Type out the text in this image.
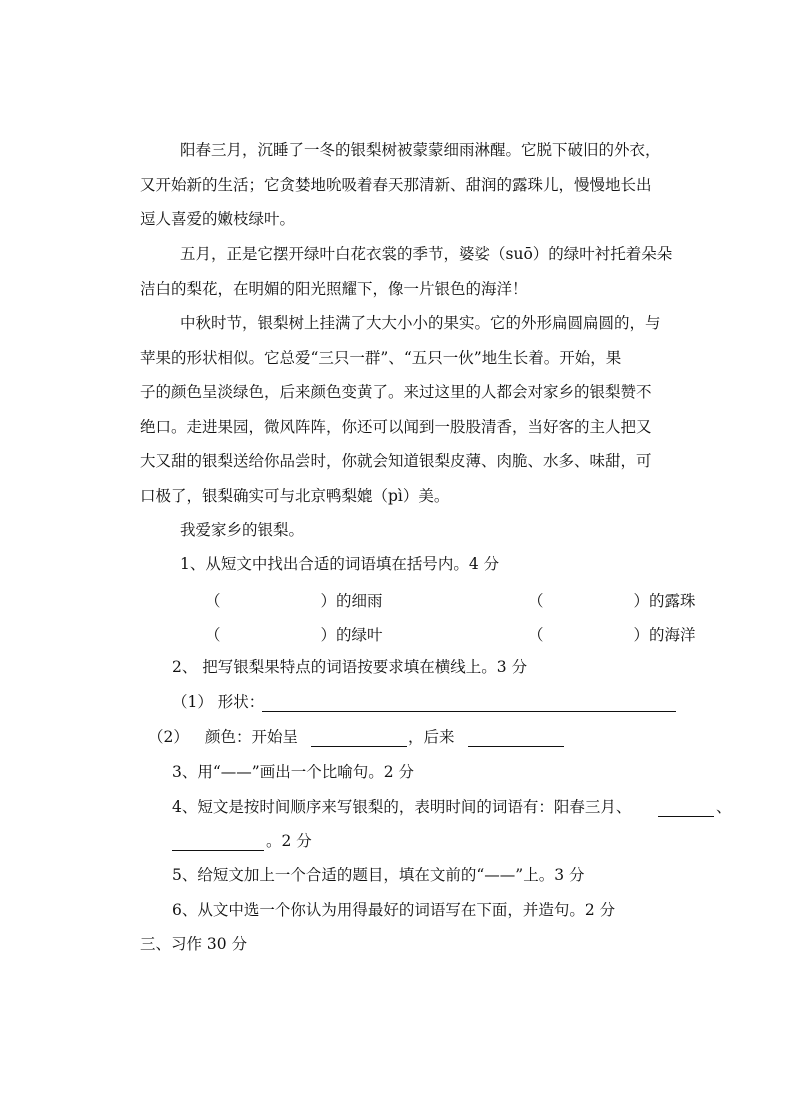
阳春三月，沉睡了一冬的银梨树被蒙蒙细雨淋醒。它脱下破旧的外衣，
又开始新的生活；它贪婪地吮吸着春天那清新、甜润的露珠儿，慢慢地长出
逗人喜爱的嫩枝绿叶。
五月，正是它摆开绿叶白花衣裳的季节，婆娑（suō）的绿叶衬托着朵朵
洁白的梨花，在明媚的阳光照耀下，像一片银色的海洋！
中秋时节，银梨树上挂满了大大小小的果实。它的外形扁圆扁圆的，与
苹果的形状相似。它总爱“三只一群”、“五只一伙”地生长着。开始，果
子的颜色呈淡绿色，后来颜色变黄了。来过这里的人都会对家乡的银梨赞不
绝口。走进果园，微风阵阵，你还可以闻到一股股清香，当好客的主人把又
大又甜的银梨送给你品尝时，你就会知道银梨皮薄、肉脆、水多、味甜，可
口极了，银梨确实可与北京鸭梨媲（pì）美。
我爱家乡的银梨。
1、从短文中找出合适的词语填在括号内。4 分
（	）的细雨	（	）的露珠
（	）的绿叶	（	）的海洋
2、 把写银梨果特点的词语按要求填在横线上。3 分
（1） 形状：
（2） 颜色：开始呈	，后来
3、用“——”画出一个比喻句。2 分
4、短文是按时间顺序来写银梨的，表明时间的词语有：阳春三月、	、
。2 分
5、给短文加上一个合适的题目，填在文前的“——”上。3 分
6、从文中选一个你认为用得最好的词语写在下面，并造句。2 分
三、习作 30 分
